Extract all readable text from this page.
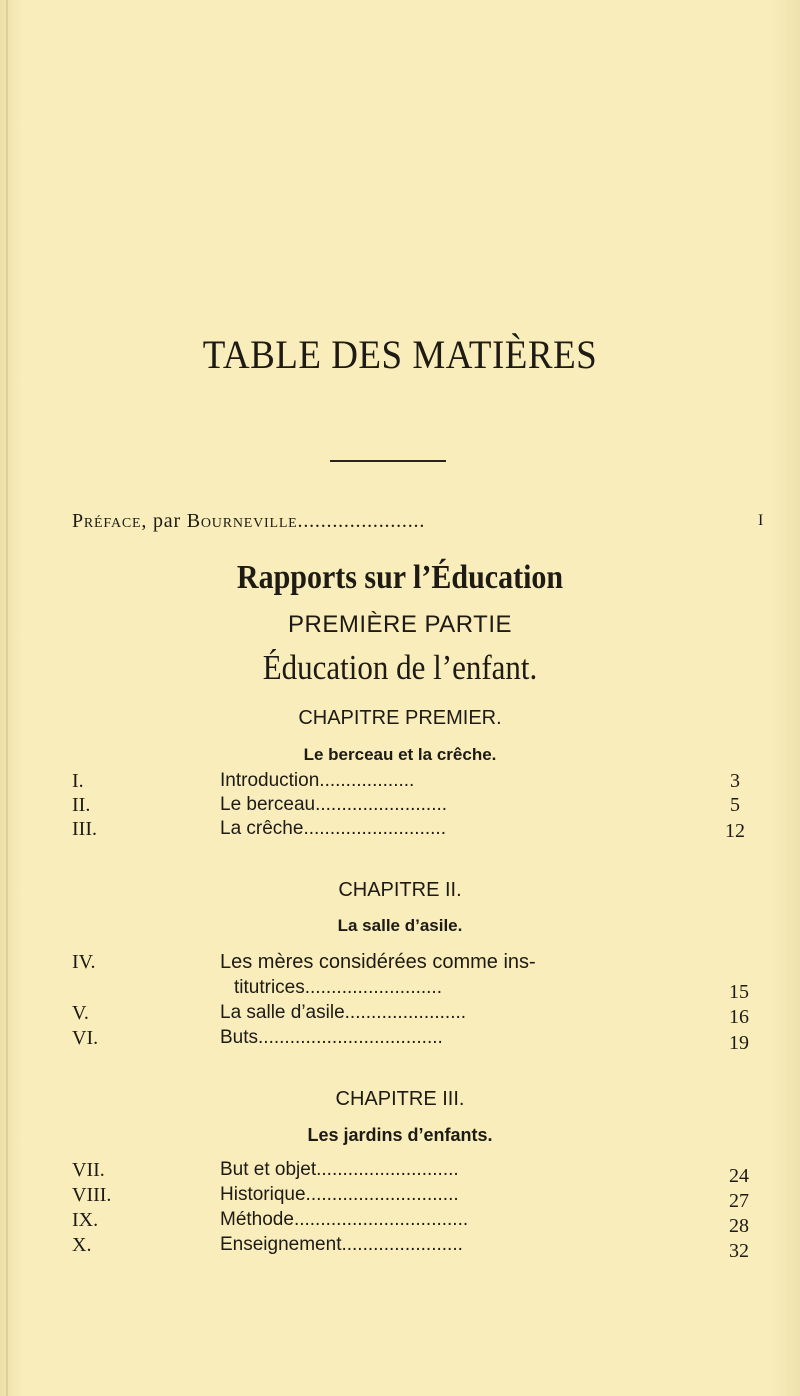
TABLE DES MATIÈRES
Préface, par Bourneville......................	I
Rapports sur l’Éducation
PREMIÈRE PARTIE
Éducation de l’enfant.
CHAPITRE PREMIER.
Le berceau et la crêche.
I.	Introduction..................	3
II.	Le berceau.........................	5
III.	La crêche...........................	12
CHAPITRE II.
La salle d’asile.
IV.	Les mères considérées comme ins-
titutrices..........................	15
V.	La salle d’asile.......................	16
VI.	Buts...................................	19
CHAPITRE III.
Les jardins d’enfants.
VII.	But et objet...........................	24
VIII.	Historique.............................	27
IX.	Méthode.................................	28
X.	Enseignement.......................	32
